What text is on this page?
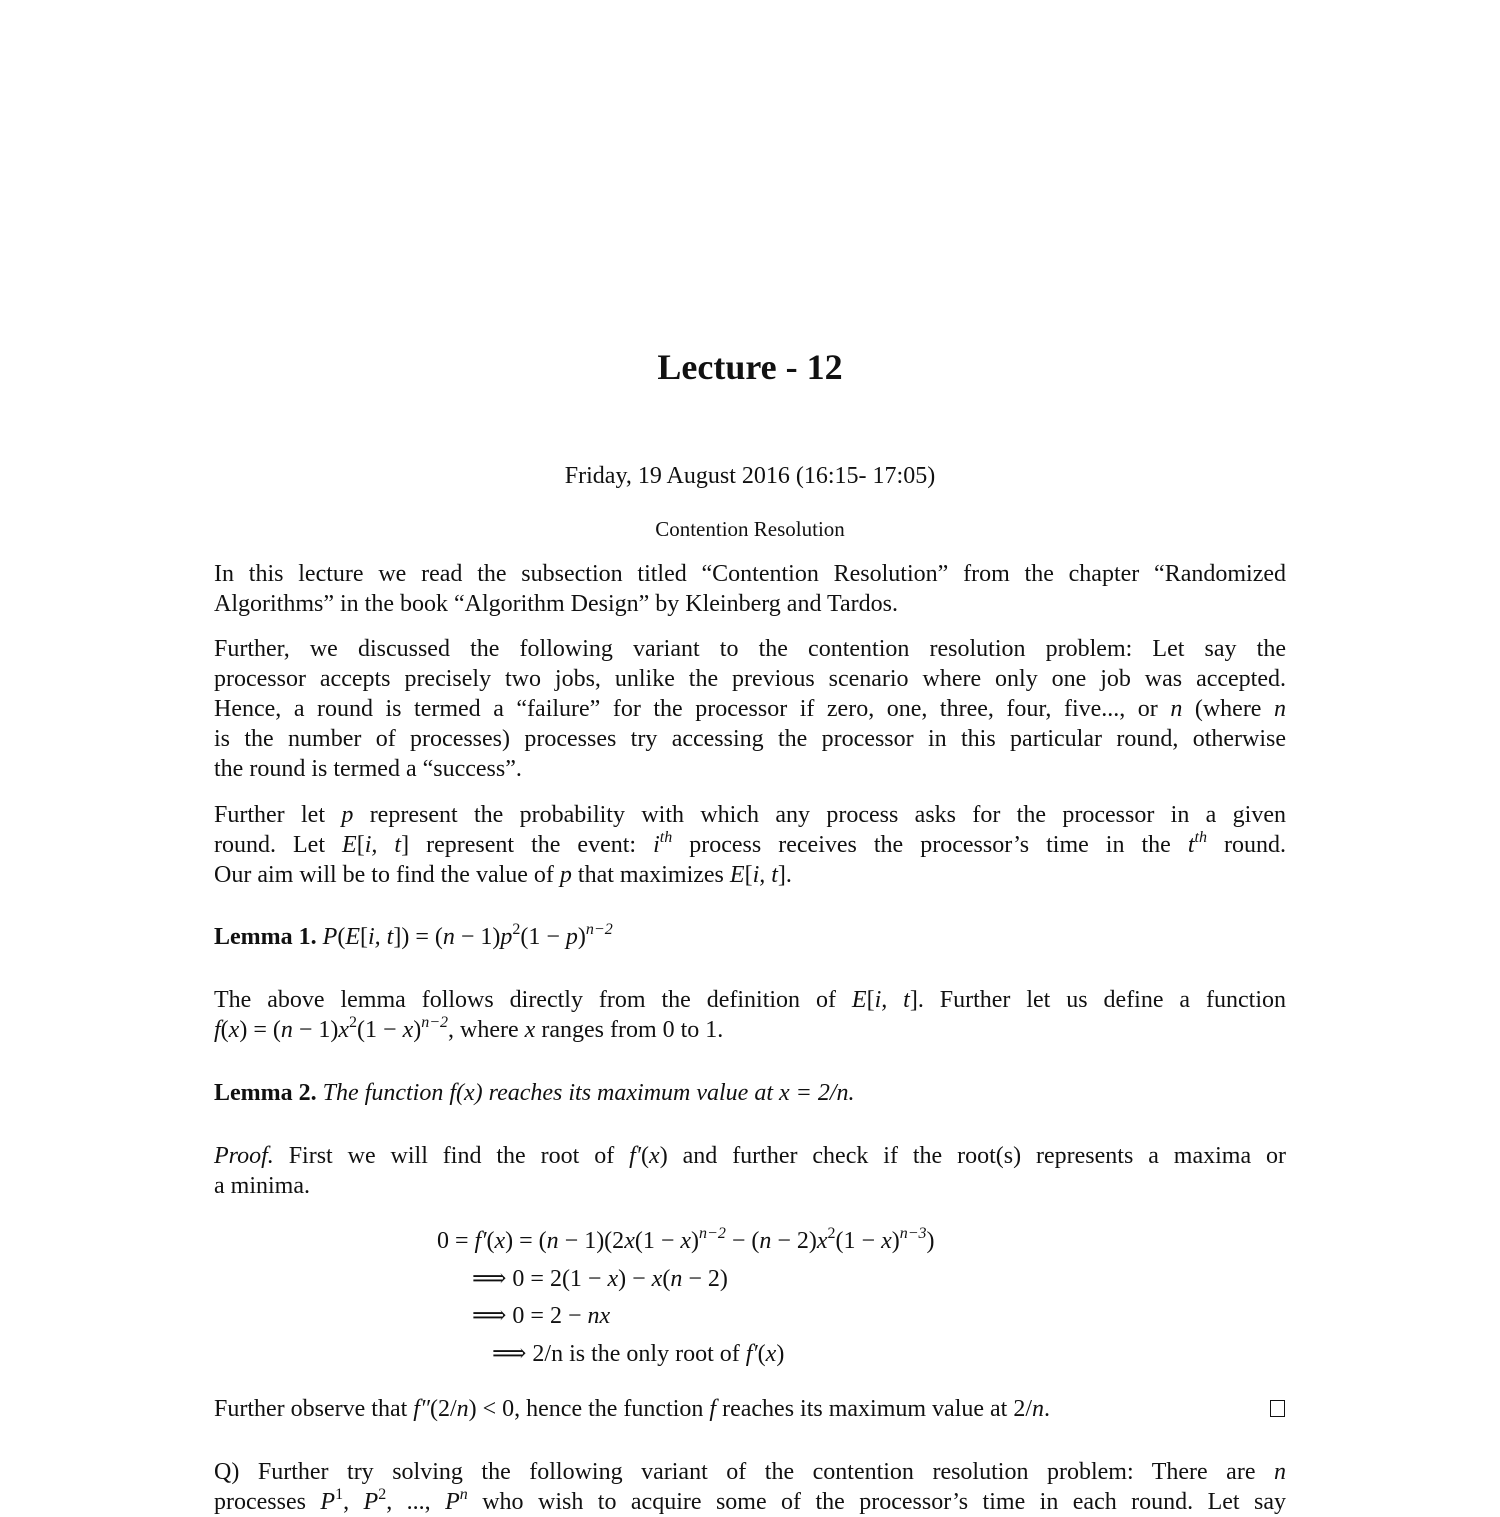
Lecture - 12
Friday, 19 August 2016 (16:15- 17:05)
Contention Resolution
In this lecture we read the subsection titled “Contention Resolution” from the chapter “Randomized
Algorithms” in the book “Algorithm Design” by Kleinberg and Tardos.
Further, we discussed the following variant to the contention resolution problem: Let say the
processor accepts precisely two jobs, unlike the previous scenario where only one job was accepted.
Hence, a round is termed a “failure” for the processor if zero, one, three, four, five..., or n (where n
is the number of processes) processes try accessing the processor in this particular round, otherwise
the round is termed a “success”.
Further let p represent the probability with which any process asks for the processor in a given
round. Let E[i, t] represent the event: $i^{th}$ process receives the processor’s time in the $t^{th}$ round.
Our aim will be to find the value of p that maximizes E[i, t].
Lemma 1. P(E[i, $t]) = (n - 1)p^2(1 - p)^{n-2}$
The above lemma follows directly from the definition of E[i, t]. Further let us define a function
$f(x) = (n - 1)x^2(1 - x)^{n-2}$, where x ranges from 0 to 1.
Lemma 2. The function f(x) reaches its maximum value at x = 2/n.
Proof. First we will find the root of f′(x) and further check if the root(s) represents a maxima or
a minima.
$0 = f'(x) = (n - 1)(2x(1 - x)^{n-2} - (n - 2)x^2(1 - x)^{n-3})$
⟹ 0 = 2(1 − x) − x(n − 2)
⟹ 0 = 2 − nx
⟹ 2/n is the only root of f′(x)
Further observe that f″(2/n) < 0, hence the function f reaches its maximum value at 2/n.
Q) Further try solving the following variant of the contention resolution problem: There are n
processes $P^1$, $P^2$, ..., $P^n$ who wish to acquire some of the processor’s time in each round. Let say
